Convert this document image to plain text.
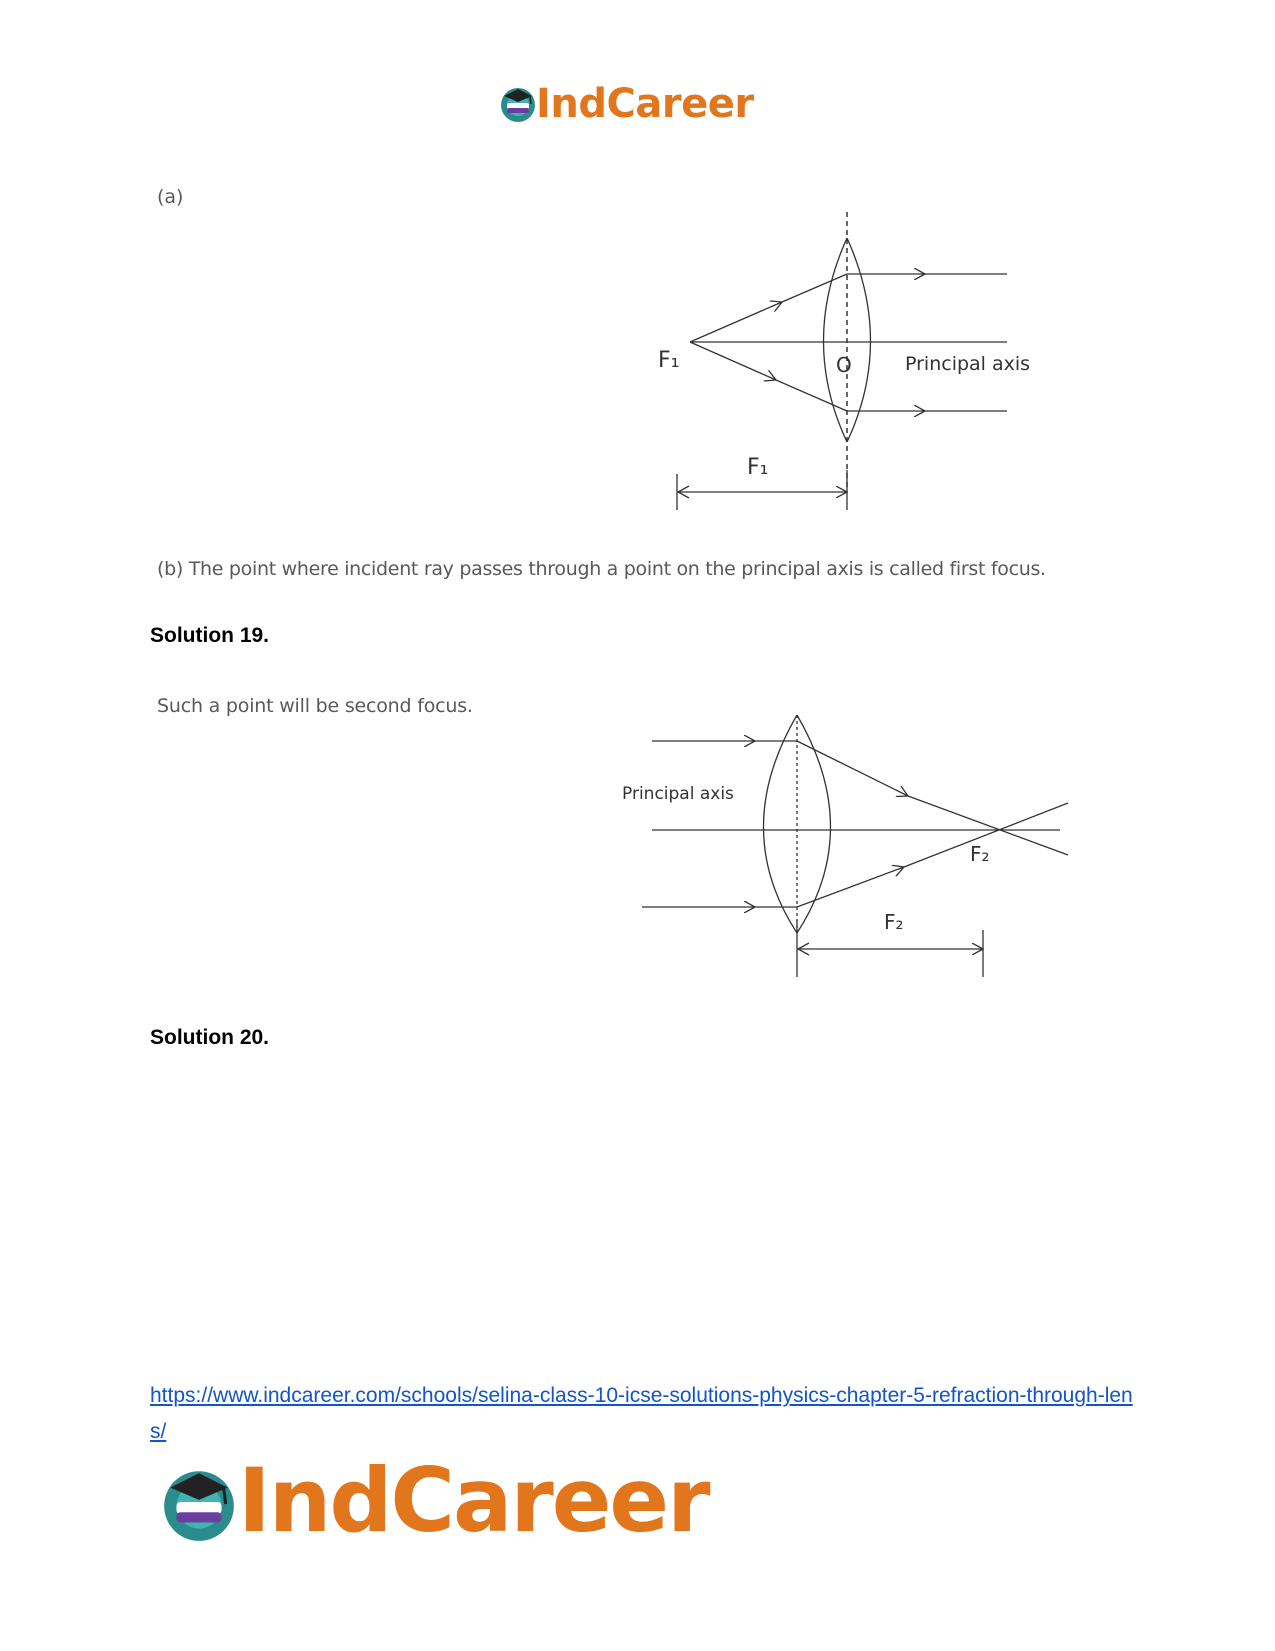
IndCareer
(a)
F₁	O	Principal axis
F₁
(b) The point where incident ray passes through a point on the principal axis is called first focus.
Solution 19.
Such a point will be second focus.
Principal axis
F₂
F₂
Solution 20.
https://www.indcareer.com/schools/selina-class-10-icse-solutions-physics-chapter-5-refraction-through-lens/
IndCareer
